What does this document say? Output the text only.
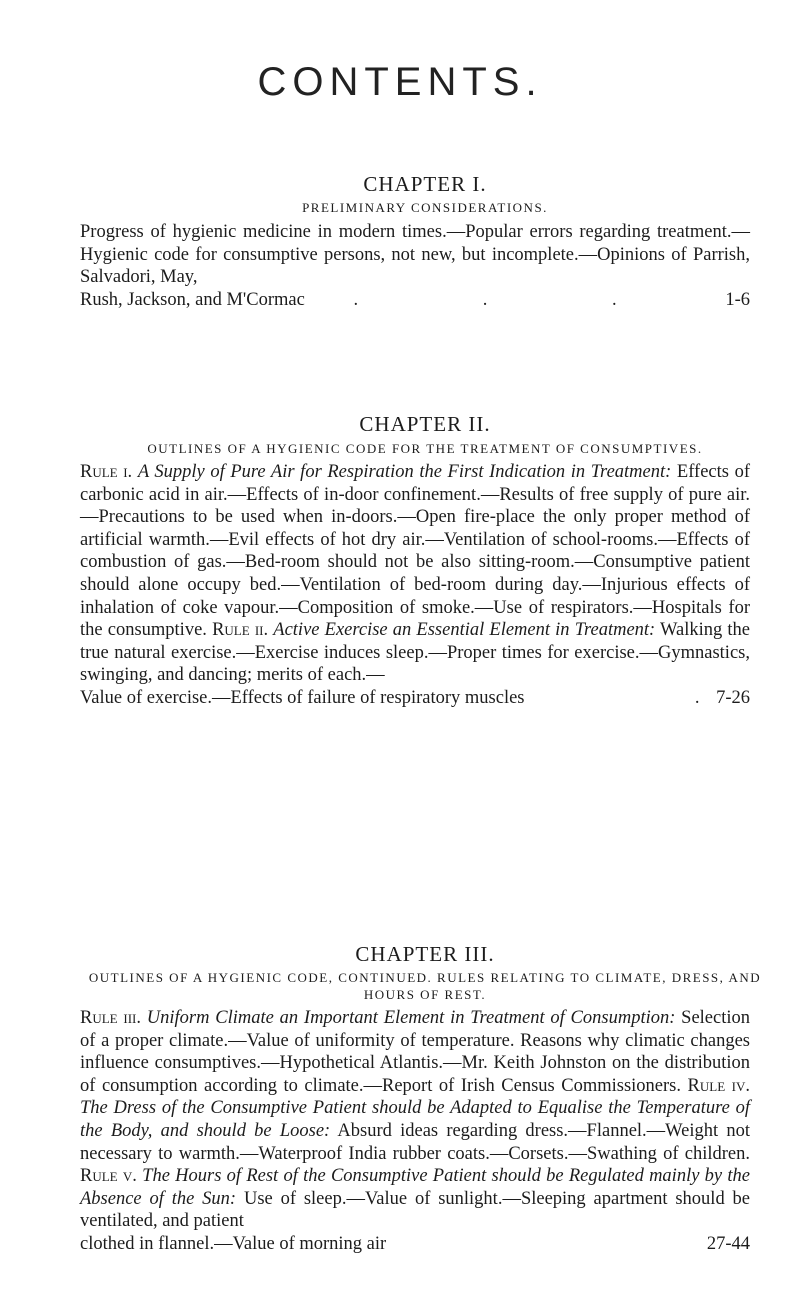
CONTENTS.

CHAPTER I.

PRELIMINARY CONSIDERATIONS.

Progress of hygienic medicine in modern times.—Popular errors regarding treatment.—Hygienic code for consumptive persons, not new, but incomplete.—Opinions of Parrish, Salvadori, May,
Rush, Jackson, and M'Cormac	. . .	1-6

CHAPTER II.

OUTLINES OF A HYGIENIC CODE FOR THE TREATMENT OF CONSUMPTIVES.

Rule i. A Supply of Pure Air for Respiration the First Indication in Treatment: Effects of carbonic acid in air.—Effects of in-door confinement.—Results of free supply of pure air.—Precautions to be used when in-doors.—Open fire-place the only proper method of artificial warmth.—Evil effects of hot dry air.—Ventilation of school-rooms.—Effects of combustion of gas.—Bed-room should not be also sitting-room.—Consumptive patient should alone occupy bed.—Ventilation of bed-room during day.—Injurious effects of inhalation of coke vapour.—Composition of smoke.—Use of respirators.—Hospitals for the consumptive. Rule ii. Active Exercise an Essential Element in Treatment: Walking the true natural exercise.—Exercise induces sleep.—Proper times for exercise.—Gymnastics, swinging, and dancing; merits of each.—
Value of exercise.—Effects of failure of respiratory muscles	. 7-26

CHAPTER III.

OUTLINES OF A HYGIENIC CODE, CONTINUED. RULES RELATING TO CLIMATE, DRESS, AND HOURS OF REST.

Rule iii. Uniform Climate an Important Element in Treatment of Consumption: Selection of a proper climate.—Value of uniformity of temperature. Reasons why climatic changes influence consumptives.—Hypothetical Atlantis.—Mr. Keith Johnston on the distribution of consumption according to climate.—Report of Irish Census Commissioners. Rule iv. The Dress of the Consumptive Patient should be Adapted to Equalise the Temperature of the Body, and should be Loose: Absurd ideas regarding dress.—Flannel.—Weight not necessary to warmth.—Waterproof India rubber coats.—Corsets.—Swathing of children. Rule v. The Hours of Rest of the Consumptive Patient should be Regulated mainly by the Absence of the Sun: Use of sleep.—Value of sunlight.—Sleeping apartment should be ventilated, and patient
clothed in flannel.—Value of morning air	27-44
